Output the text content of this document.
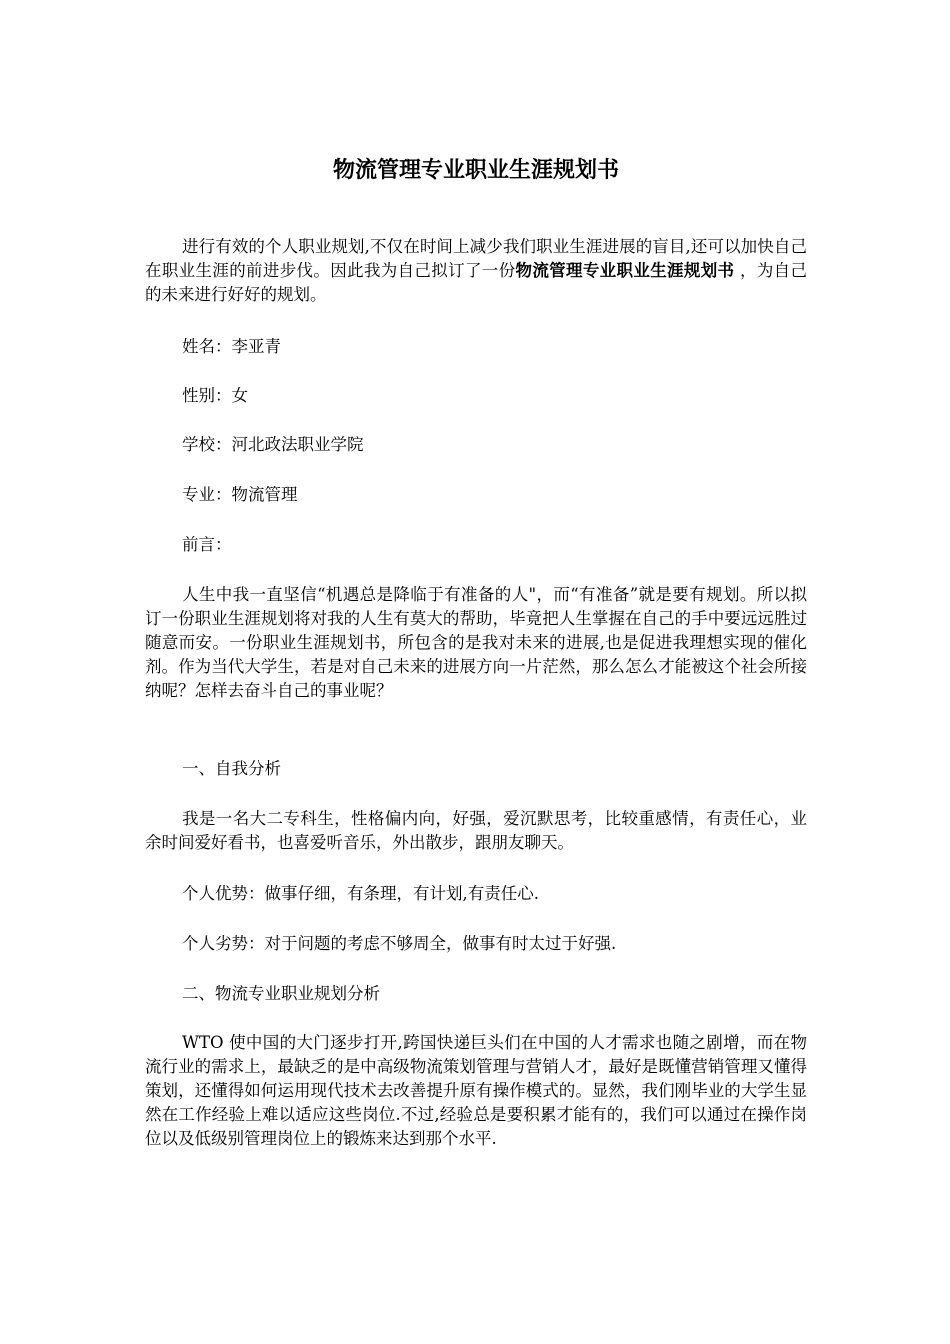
物流管理专业职业生涯规划书

进行有效的个人职业规划,不仅在时间上减少我们职业生涯进展的盲目,还可以加快自己在职业生涯的前进步伐。因此我为自己拟订了一份物流管理专业职业生涯规划书 ，为自己的未来进行好好的规划。

姓名：李亚青

性别：女

学校：河北政法职业学院

专业：物流管理

前言：

人生中我一直坚信“机遇总是降临于有准备的人"，而“有准备”就是要有规划。所以拟订一份职业生涯规划将对我的人生有莫大的帮助，毕竟把人生掌握在自己的手中要远远胜过随意而安。一份职业生涯规划书，所包含的是我对未来的进展,也是促进我理想实现的催化剂。作为当代大学生，若是对自己未来的进展方向一片茫然，那么怎么才能被这个社会所接纳呢？怎样去奋斗自己的事业呢？

一、自我分析

我是一名大二专科生，性格偏内向，好强，爱沉默思考，比较重感情，有责任心，业余时间爱好看书，也喜爱听音乐，外出散步，跟朋友聊天。

个人优势：做事仔细，有条理，有计划,有责任心.

个人劣势：对于问题的考虑不够周全，做事有时太过于好强.

二、物流专业职业规划分析

WTO 使中国的大门逐步打开,跨国快递巨头们在中国的人才需求也随之剧增，而在物流行业的需求上，最缺乏的是中高级物流策划管理与营销人才，最好是既懂营销管理又懂得策划，还懂得如何运用现代技术去改善提升原有操作模式的。显然，我们刚毕业的大学生显然在工作经验上难以适应这些岗位.不过,经验总是要积累才能有的，我们可以通过在操作岗位以及低级别管理岗位上的锻炼来达到那个水平.
